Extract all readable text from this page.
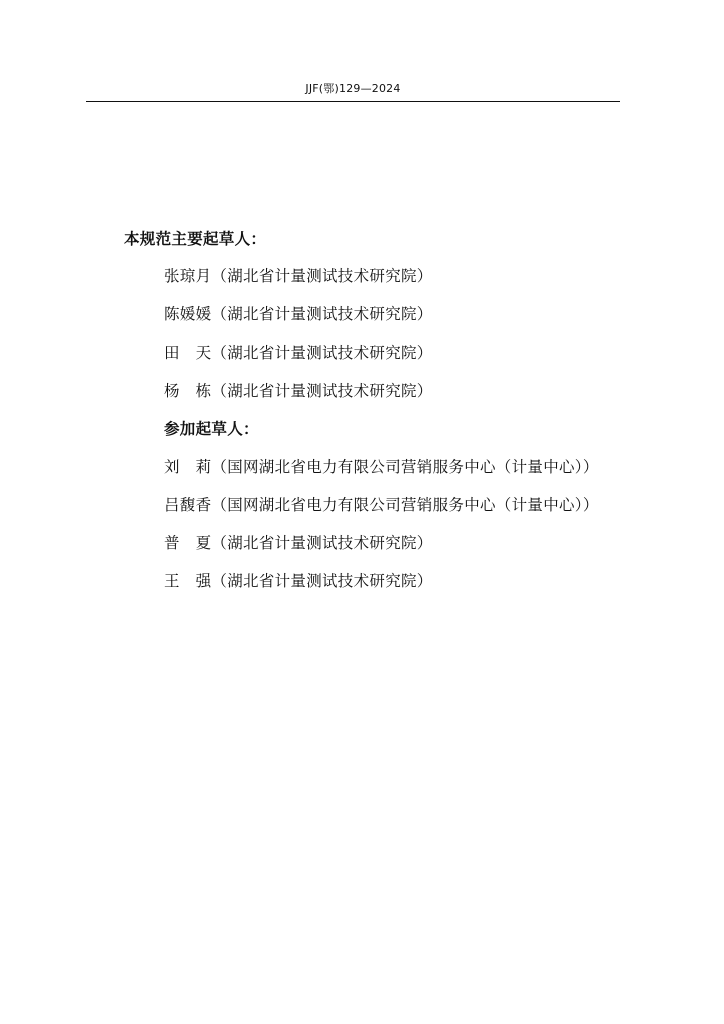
JJF(鄂)129—2024
本规范主要起草人：
张琼月（湖北省计量测试技术研究院）
陈媛媛（湖北省计量测试技术研究院）
田　天（湖北省计量测试技术研究院）
杨　栋（湖北省计量测试技术研究院）
参加起草人：
刘　莉（国网湖北省电力有限公司营销服务中心（计量中心））
吕馥香（国网湖北省电力有限公司营销服务中心（计量中心））
普　夏（湖北省计量测试技术研究院）
王　强（湖北省计量测试技术研究院）
